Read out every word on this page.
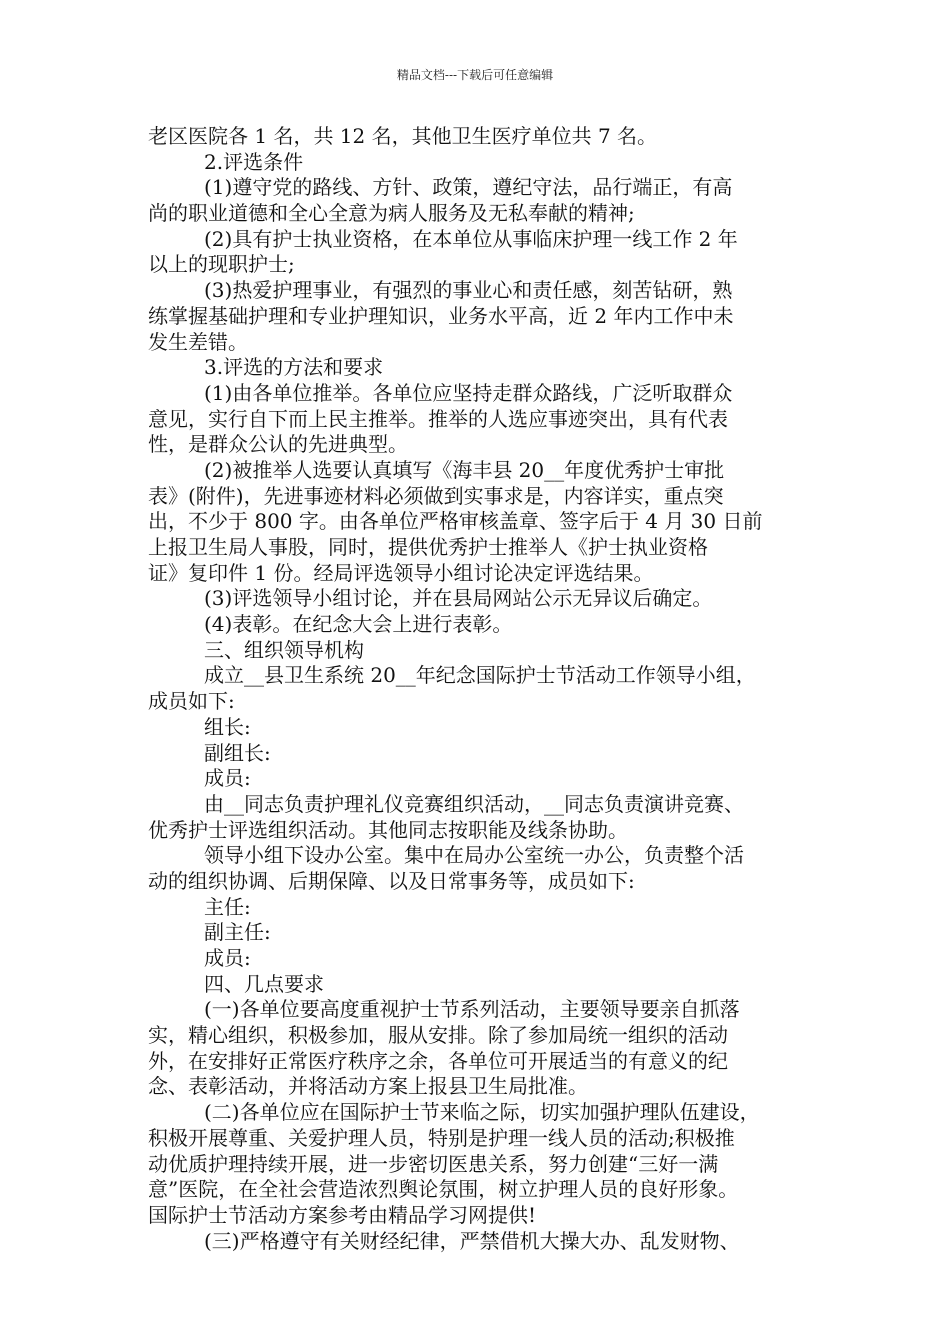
精品文档---下载后可任意编辑
老区医院各 1 名，共 12 名，其他卫生医疗单位共 7 名。
2.评选条件
(1)遵守党的路线、方针、政策，遵纪守法，品行端正，有高
尚的职业道德和全心全意为病人服务及无私奉献的精神;
(2)具有护士执业资格，在本单位从事临床护理一线工作 2 年
以上的现职护士;
(3)热爱护理事业，有强烈的事业心和责任感，刻苦钻研，熟
练掌握基础护理和专业护理知识，业务水平高，近 2 年内工作中未
发生差错。
3.评选的方法和要求
(1)由各单位推举。各单位应坚持走群众路线，广泛听取群众
意见，实行自下而上民主推举。推举的人选应事迹突出，具有代表
性，是群众公认的先进典型。
(2)被推举人选要认真填写《海丰县 20__年度优秀护士审批
表》(附件)，先进事迹材料必须做到实事求是，内容详实，重点突
出，不少于 800 字。由各单位严格审核盖章、签字后于 4 月 30 日前
上报卫生局人事股，同时，提供优秀护士推举人《护士执业资格
证》复印件 1 份。经局评选领导小组讨论决定评选结果。
(3)评选领导小组讨论，并在县局网站公示无异议后确定。
(4)表彰。在纪念大会上进行表彰。
三、组织领导机构
成立__县卫生系统 20__年纪念国际护士节活动工作领导小组，
成员如下:
组长:
副组长:
成员:
由__同志负责护理礼仪竞赛组织活动，__同志负责演讲竞赛、
优秀护士评选组织活动。其他同志按职能及线条协助。
领导小组下设办公室。集中在局办公室统一办公，负责整个活
动的组织协调、后期保障、以及日常事务等，成员如下:
主任:
副主任:
成员:
四、几点要求
(一)各单位要高度重视护士节系列活动，主要领导要亲自抓落
实，精心组织，积极参加，服从安排。除了参加局统一组织的活动
外，在安排好正常医疗秩序之余，各单位可开展适当的有意义的纪
念、表彰活动，并将活动方案上报县卫生局批准。
(二)各单位应在国际护士节来临之际，切实加强护理队伍建设，
积极开展尊重、关爱护理人员，特别是护理一线人员的活动;积极推
动优质护理持续开展，进一步密切医患关系，努力创建“三好一满
意”医院，在全社会营造浓烈舆论氛围，树立护理人员的良好形象。
国际护士节活动方案参考由精品学习网提供!
(三)严格遵守有关财经纪律，严禁借机大操大办、乱发财物、
